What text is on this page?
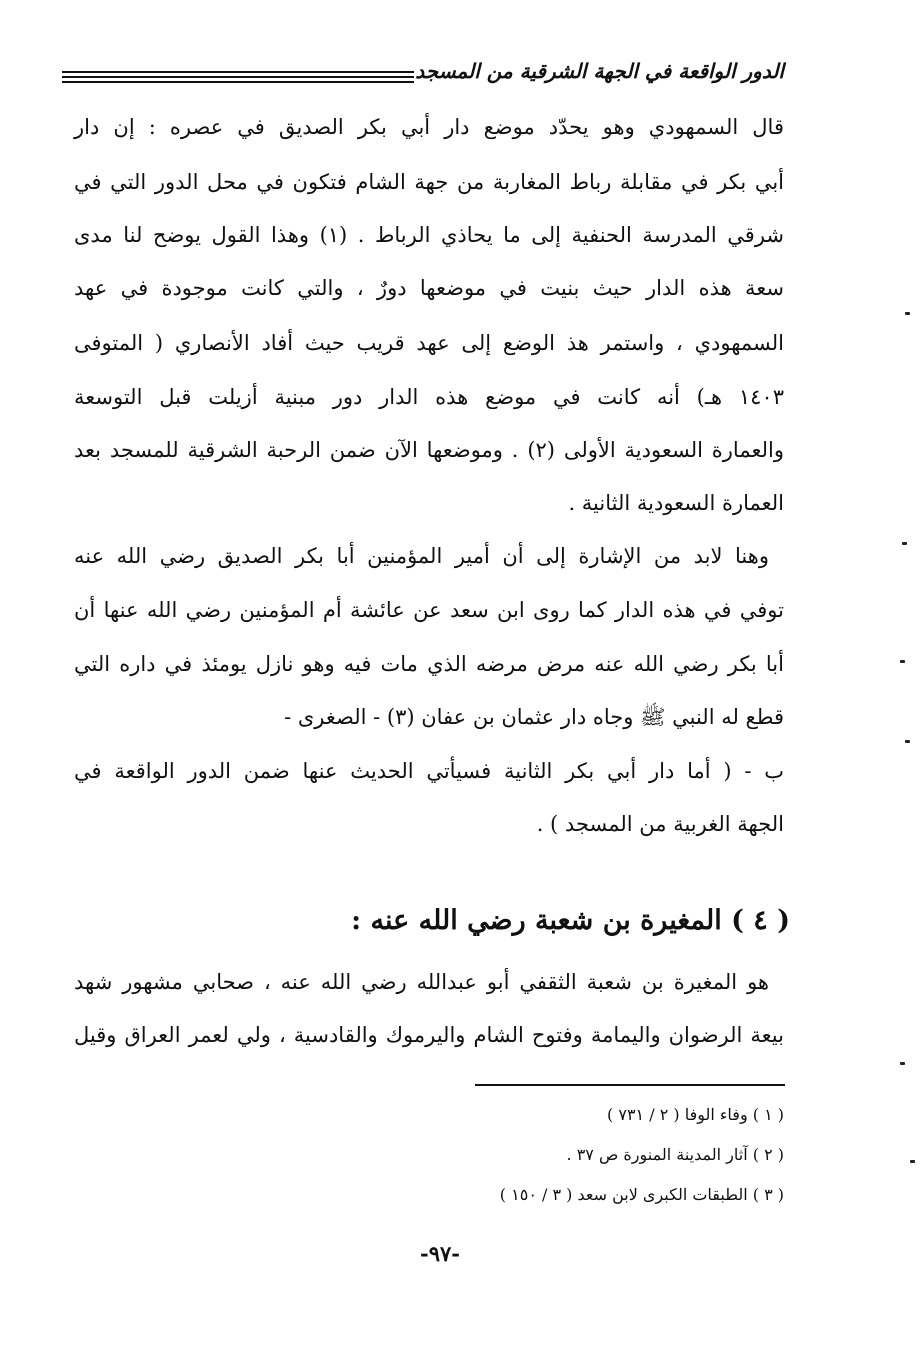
الدور الواقعة في الجهة الشرقية من المسجد
قال السمهودي وهو يحدّد موضع دار أبي بكر الصديق في عصره : إن دار
أبي بكر في مقابلة رباط المغاربة من جهة الشام فتكون في محل الدور التي في
شرقي المدرسة الحنفية إلى ما يحاذي الرباط . (١) وهذا القول يوضح لنا مدى
سعة هذه الدار حيث بنيت في موضعها دورٌ ، والتي كانت موجودة في عهد
السمهودي ، واستمر هذ الوضع إلى عهد قريب حيث أفاد الأنصاري ( المتوفى
١٤٠٣ هـ) أنه كانت في موضع هذه الدار دور مبنية أزيلت قبل التوسعة
والعمارة السعودية الأولى (٢) . وموضعها الآن ضمن الرحبة الشرقية للمسجد بعد
العمارة السعودية الثانية .
وهنا لابد من الإشارة إلى أن أمير المؤمنين أبا بكر الصديق رضي الله عنه
توفي في هذه الدار كما روى ابن سعد عن عائشة أم المؤمنين رضي الله عنها أن
أبا بكر رضي الله عنه مرض مرضه الذي مات فيه وهو نازل يومئذ في داره التي
قطع له النبي ﷺ وجاه دار عثمان بن عفان (٣) - الصغرى -
ب - ( أما دار أبي بكر الثانية فسيأتي الحديث عنها ضمن الدور الواقعة في
الجهة الغربية من المسجد ) .
( ٤ ) المغيرة بن شعبة رضي الله عنه :
هو المغيرة بن شعبة الثقفي أبو عبدالله رضي الله عنه ، صحابي مشهور شهد
بيعة الرضوان واليمامة وفتوح الشام واليرموك والقادسية ، ولي لعمر العراق وقيل
( ١ ) وفاء الوفا ( ٢ / ٧٣١ )
( ٢ ) آثار المدينة المنورة ص ٣٧ .
( ٣ ) الطبقات الكبرى لابن سعد ( ٣ / ١٥٠ )
-٩٧-
